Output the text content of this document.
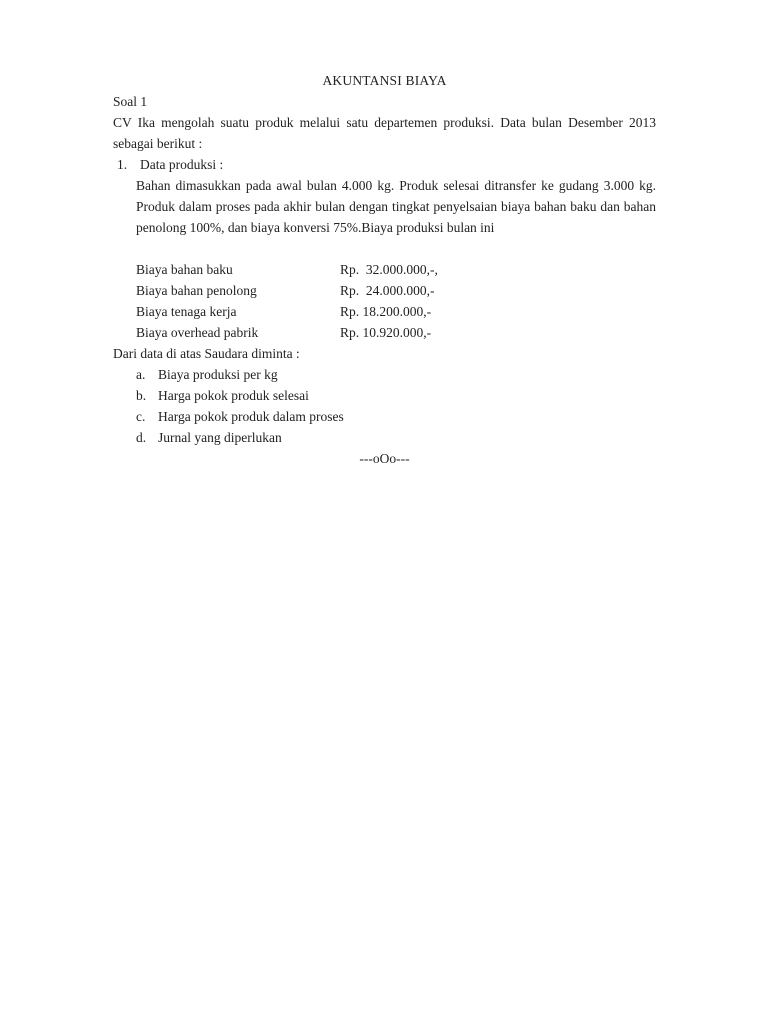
AKUNTANSI BIAYA
Soal 1
CV Ika mengolah suatu produk melalui satu departemen produksi. Data bulan Desember 2013 sebagai berikut :
1. Data produksi :
Bahan dimasukkan pada awal bulan 4.000 kg. Produk selesai ditransfer ke gudang 3.000 kg. Produk dalam proses pada akhir bulan dengan tingkat penyelsaian biaya bahan baku dan bahan penolong 100%, dan biaya konversi 75%.Biaya produksi bulan ini
Biaya bahan baku	Rp.  32.000.000,-,
Biaya bahan penolong	Rp.  24.000.000,-
Biaya tenaga kerja	Rp. 18.200.000,-
Biaya overhead pabrik	Rp. 10.920.000,-
Dari data di atas Saudara diminta :
a. Biaya produksi per kg
b. Harga pokok produk selesai
c. Harga pokok produk dalam proses
d. Jurnal yang diperlukan
---oOo---
